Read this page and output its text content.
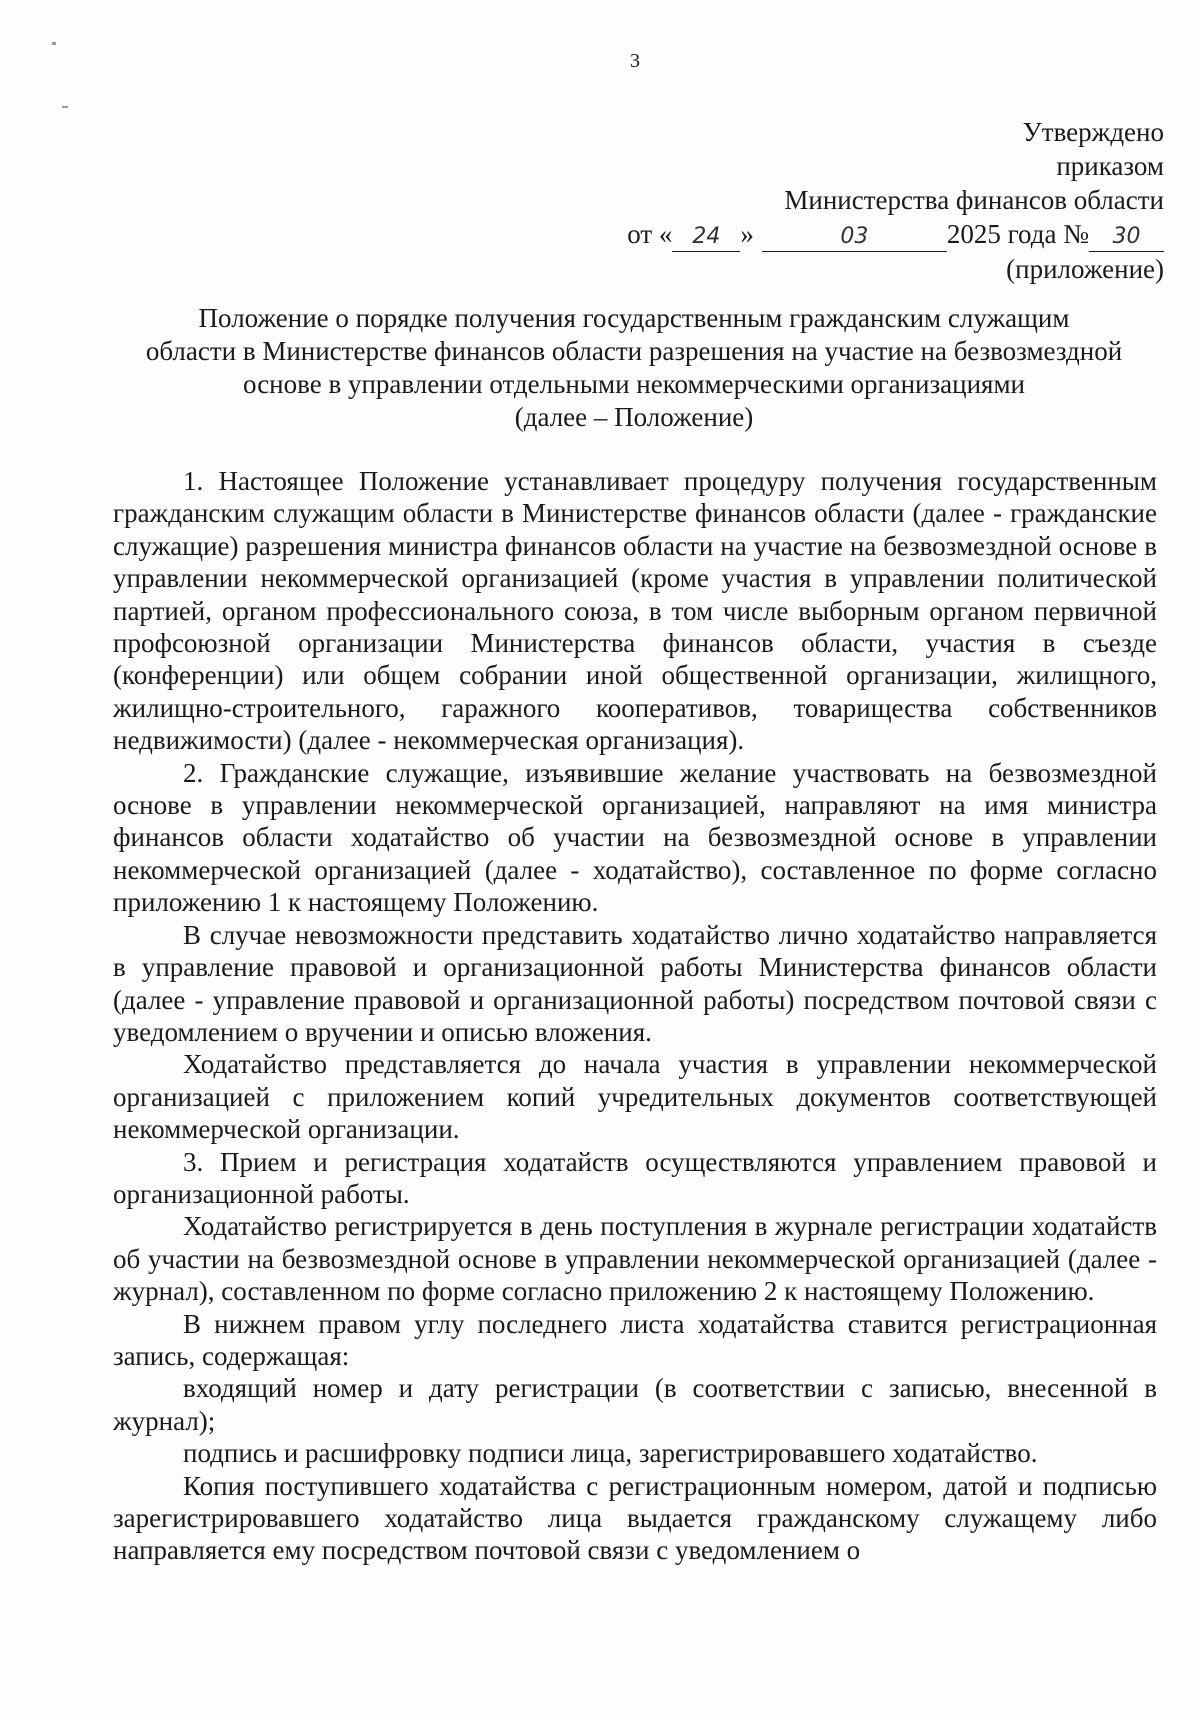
3
Утверждено
приказом
Министерства финансов области
от « 24 »	03	2025 года № 30
(приложение)
Положение о порядке получения государственным гражданским служащим
области в Министерстве финансов области разрешения на участие на безвозмездной
основе в управлении отдельными некоммерческими организациями
(далее – Положение)

1. Настоящее Положение устанавливает процедуру получения государственным гражданским служащим области в Министерстве финансов области (далее - гражданские служащие) разрешения министра финансов области на участие на безвозмездной основе в управлении некоммерческой организацией (кроме участия в управлении политической партией, органом профессионального союза, в том числе выборным органом первичной профсоюзной организации Министерства финансов области, участия в съезде (конференции) или общем собрании иной общественной организации, жилищного, жилищно-строительного, гаражного кооперативов, товарищества собственников недвижимости) (далее - некоммерческая организация).

2. Гражданские служащие, изъявившие желание участвовать на безвозмездной основе в управлении некоммерческой организацией, направляют на имя министра финансов области ходатайство об участии на безвозмездной основе в управлении некоммерческой организацией (далее - ходатайство), составленное по форме согласно приложению 1 к настоящему Положению.

В случае невозможности представить ходатайство лично ходатайство направляется в управление правовой и организационной работы Министерства финансов области (далее - управление правовой и организационной работы) посредством почтовой связи с уведомлением о вручении и описью вложения.

Ходатайство представляется до начала участия в управлении некоммерческой организацией с приложением копий учредительных документов соответствующей некоммерческой организации.

3. Прием и регистрация ходатайств осуществляются управлением правовой и организационной работы.

Ходатайство регистрируется в день поступления в журнале регистрации ходатайств об участии на безвозмездной основе в управлении некоммерческой организацией (далее - журнал), составленном по форме согласно приложению 2 к настоящему Положению.

В нижнем правом углу последнего листа ходатайства ставится регистрационная запись, содержащая:

входящий номер и дату регистрации (в соответствии с записью, внесенной в журнал);

подпись и расшифровку подписи лица, зарегистрировавшего ходатайство.

Копия поступившего ходатайства с регистрационным номером, датой и подписью зарегистрировавшего ходатайство лица выдается гражданскому служащему либо направляется ему посредством почтовой связи с уведомлением о
